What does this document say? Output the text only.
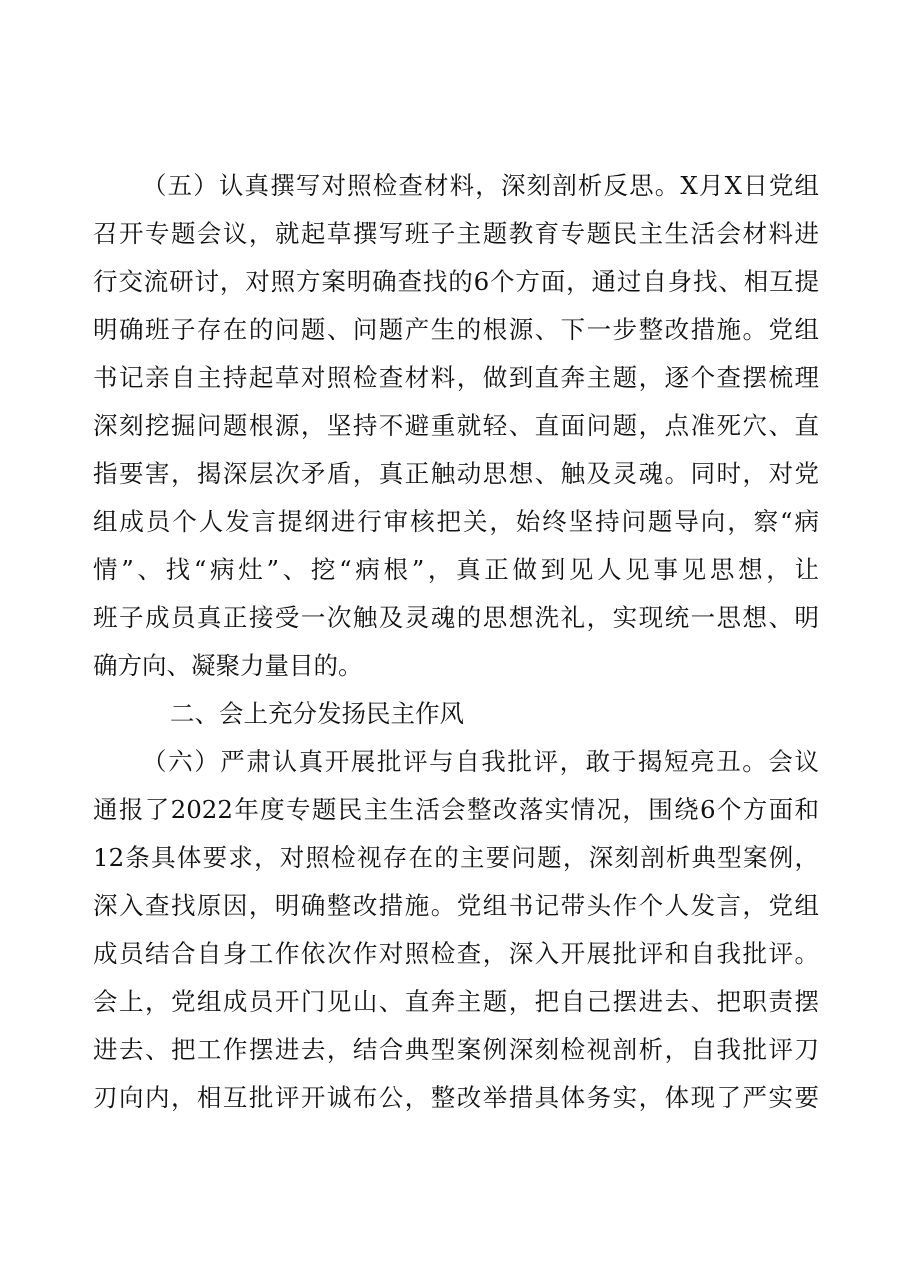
（五）认真撰写对照检查材料，深刻剖析反思。X月X日党组
召开专题会议，就起草撰写班子主题教育专题民主生活会材料进
行交流研讨，对照方案明确查找的6个方面，通过自身找、相互提
明确班子存在的问题、问题产生的根源、下一步整改措施。党组
书记亲自主持起草对照检查材料，做到直奔主题，逐个查摆梳理
深刻挖掘问题根源，坚持不避重就轻、直面问题，点准死穴、直
指要害，揭深层次矛盾，真正触动思想、触及灵魂。同时，对党
组成员个人发言提纲进行审核把关，始终坚持问题导向，察“病
情”、找“病灶”、挖“病根”，真正做到见人见事见思想，让
班子成员真正接受一次触及灵魂的思想洗礼，实现统一思想、明
确方向、凝聚力量目的。
二、会上充分发扬民主作风
（六）严肃认真开展批评与自我批评，敢于揭短亮丑。会议
通报了2022年度专题民主生活会整改落实情况，围绕6个方面和
12条具体要求，对照检视存在的主要问题，深刻剖析典型案例，
深入查找原因，明确整改措施。党组书记带头作个人发言，党组
成员结合自身工作依次作对照检查，深入开展批评和自我批评。
会上，党组成员开门见山、直奔主题，把自己摆进去、把职责摆
进去、把工作摆进去，结合典型案例深刻检视剖析，自我批评刀
刃向内，相互批评开诚布公，整改举措具体务实，体现了严实要
